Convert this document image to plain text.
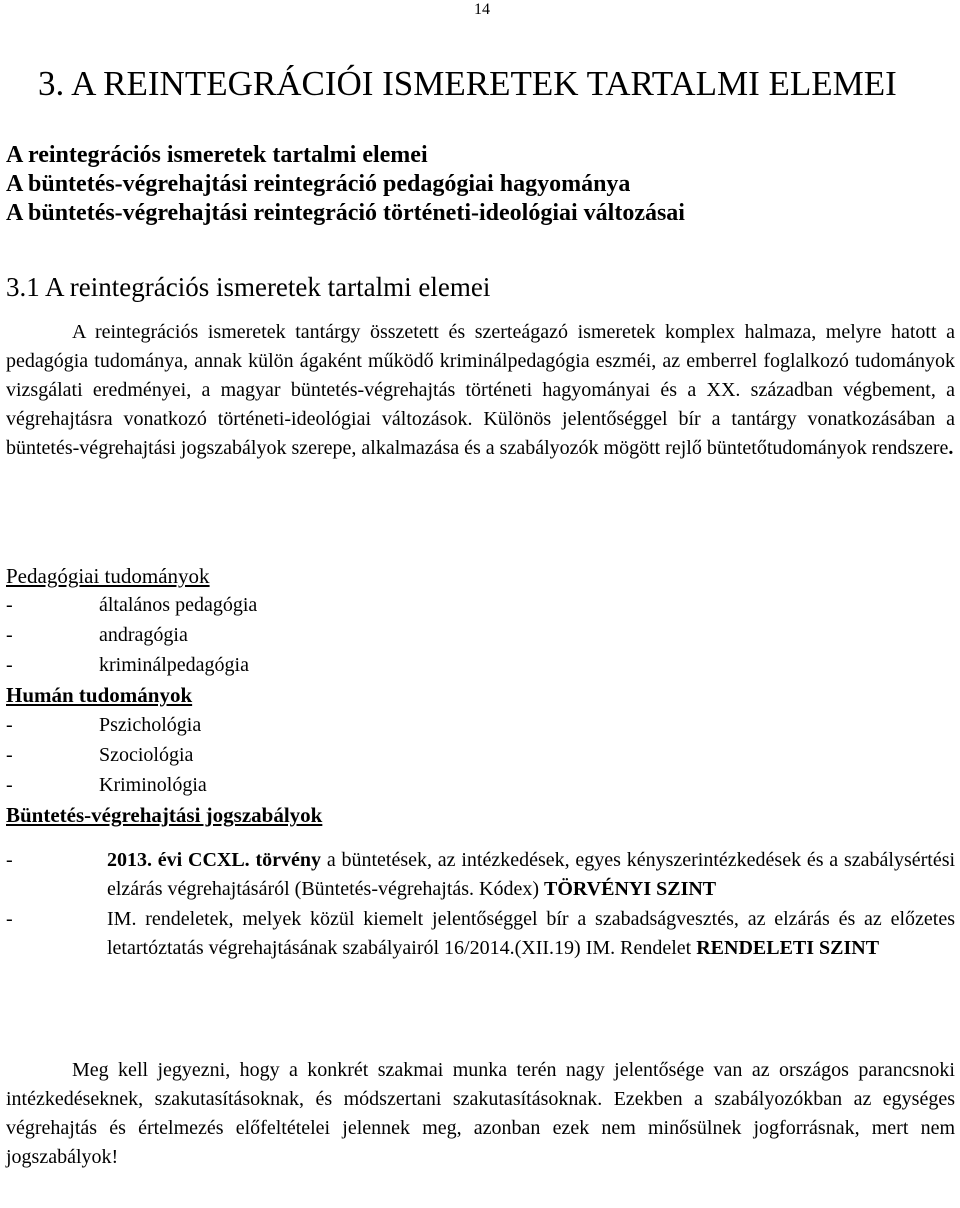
14
3. A REINTEGRÁCIÓI ISMERETEK TARTALMI ELEMEI
A reintegrációs ismeretek tartalmi elemei
A büntetés-végrehajtási reintegráció pedagógiai hagyománya
A büntetés-végrehajtási reintegráció történeti-ideológiai változásai
3.1 A reintegrációs ismeretek tartalmi elemei

A reintegrációs ismeretek tantárgy összetett és szerteágazó ismeretek komplex halmaza, melyre hatott a pedagógia tudománya, annak külön ágaként működő kriminálpedagógia eszméi, az emberrel foglalkozó tudományok vizsgálati eredményei, a magyar büntetés-végrehajtás történeti hagyományai és a XX. században végbement, a végrehajtásra vonatkozó történeti-ideológiai változások. Különös jelentőséggel bír a tantárgy vonatkozásában a büntetés-végrehajtási jogszabályok szerepe, alkalmazása és a szabályozók mögött rejlő büntetőtudományok rendszere.

Pedagógiai tudományok
-	általános pedagógia
-	andragógia
-	kriminálpedagógia
Humán tudományok
-	Pszichológia
-	Szociológia
-	Kriminológia
Büntetés-végrehajtási jogszabályok
-	2013. évi CCXL. törvény a büntetések, az intézkedések, egyes kényszerintézkedések és a szabálysértési elzárás végrehajtásáról (Büntetés-végrehajtás. Kódex) TÖRVÉNYI SZINT
-	IM. rendeletek, melyek közül kiemelt jelentőséggel bír a szabadságvesztés, az elzárás és az előzetes letartóztatás végrehajtásának szabályairól 16/2014.(XII.19) IM. Rendelet RENDELETI SZINT

Meg kell jegyezni, hogy a konkrét szakmai munka terén nagy jelentősége van az országos parancsnoki intézkedéseknek, szakutasításoknak, és módszertani szakutasításoknak. Ezekben a szabályozókban az egységes végrehajtás és értelmezés előfeltételei jelennek meg, azonban ezek nem minősülnek jogforrásnak, mert nem jogszabályok!
